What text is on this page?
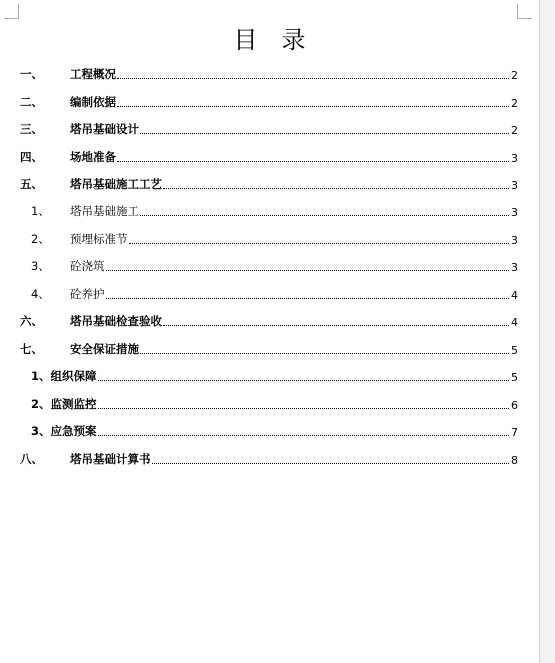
目　录
一、	工程概况	2
二、	编制依据	2
三、	塔吊基础设计	2
四、	场地准备	3
五、	塔吊基础施工工艺	3
1、	塔吊基础施工	3
2、	预埋标准节	3
3、	砼浇筑	3
4、	砼养护	4
六、	塔吊基础检查验收	4
七、	安全保证措施	5
1、 组织保障	5
2、 监测监控	6
3、 应急预案	7
八、	塔吊基础计算书	8
